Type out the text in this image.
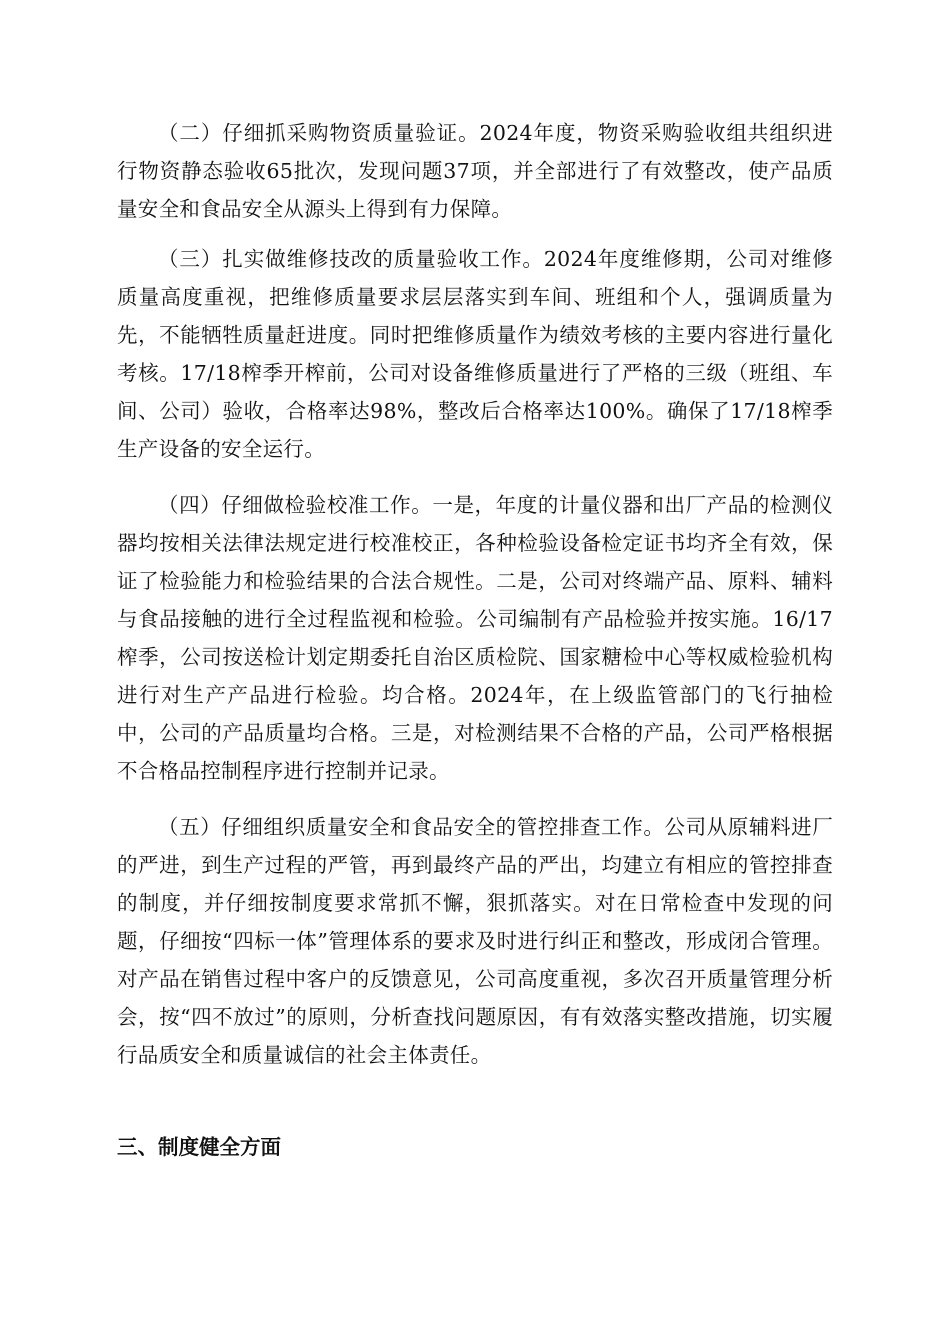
（二）仔细抓采购物资质量验证。2024年度，物资采购验收组共组织进行物资静态验收65批次，发现问题37项，并全部进行了有效整改，使产品质量安全和食品安全从源头上得到有力保障。

（三）扎实做维修技改的质量验收工作。2024年度维修期，公司对维修质量高度重视，把维修质量要求层层落实到车间、班组和个人，强调质量为先，不能牺牲质量赶进度。同时把维修质量作为绩效考核的主要内容进行量化考核。17/18榨季开榨前，公司对设备维修质量进行了严格的三级（班组、车间、公司）验收，合格率达98%，整改后合格率达100%。确保了17/18榨季生产设备的安全运行。

（四）仔细做检验校准工作。一是，年度的计量仪器和出厂产品的检测仪器均按相关法律法规定进行校准校正，各种检验设备检定证书均齐全有效，保证了检验能力和检验结果的合法合规性。二是，公司对终端产品、原料、辅料与食品接触的进行全过程监视和检验。公司编制有产品检验并按实施。16/17榨季，公司按送检计划定期委托自治区质检院、国家糖检中心等权威检验机构进行对生产产品进行检验。均合格。2024年，在上级监管部门的飞行抽检中，公司的产品质量均合格。三是，对检测结果不合格的产品，公司严格根据不合格品控制程序进行控制并记录。

（五）仔细组织质量安全和食品安全的管控排查工作。公司从原辅料进厂的严进，到生产过程的严管，再到最终产品的严出，均建立有相应的管控排查的制度，并仔细按制度要求常抓不懈，狠抓落实。对在日常检查中发现的问题，仔细按“四标一体”管理体系的要求及时进行纠正和整改，形成闭合管理。对产品在销售过程中客户的反馈意见，公司高度重视，多次召开质量管理分析会，按“四不放过”的原则，分析查找问题原因，有有效落实整改措施，切实履行品质安全和质量诚信的社会主体责任。

三、制度健全方面
